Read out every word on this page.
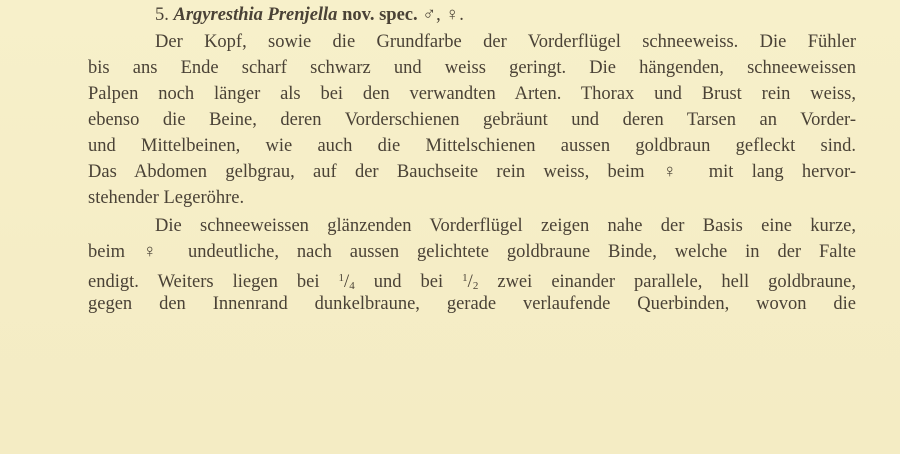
5. Argyresthia Prenjella nov. spec. ♂, ♀.
Der Kopf, sowie die Grundfarbe der Vorderflügel schneeweiss. Die Fühler
bis ans Ende scharf schwarz und weiss geringt. Die hängenden, schneeweissen
Palpen noch länger als bei den verwandten Arten. Thorax und Brust rein weiss,
ebenso die Beine, deren Vorderschienen gebräunt und deren Tarsen an Vorder-
und Mittelbeinen, wie auch die Mittelschienen aussen goldbraun gefleckt sind.
Das Abdomen gelbgrau, auf der Bauchseite rein weiss, beim ♀ mit lang hervor-
stehender Legeröhre.
Die schneeweissen glänzenden Vorderflügel zeigen nahe der Basis eine kurze,
beim ♀ undeutliche, nach aussen gelichtete goldbraune Binde, welche in der Falte
endigt. Weiters liegen bei $^1/_4$ und bei $^1/_2$ zwei einander parallele, hell goldbraune,
gegen den Innenrand dunkelbraune, gerade verlaufende Querbinden, wovon die
